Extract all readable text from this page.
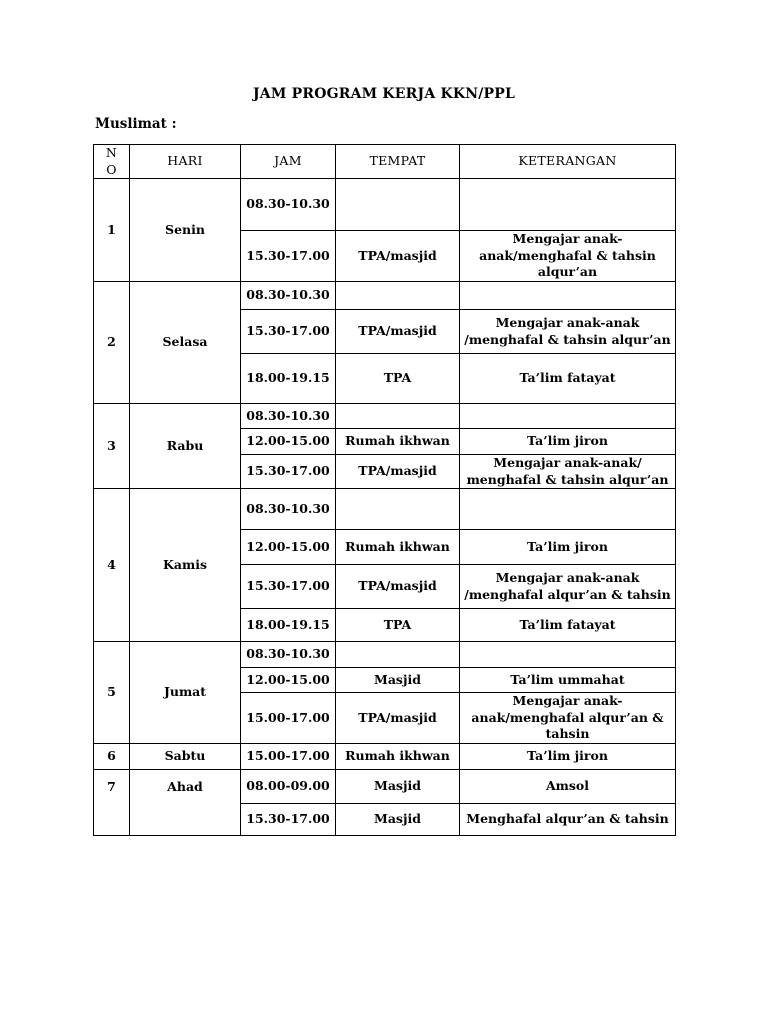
JAM PROGRAM KERJA KKN/PPL
Muslimat :
N
O	HARI	JAM	TEMPAT	KETERANGAN
1	Senin	08.30-10.30		
		15.30-17.00	TPA/masjid	Mengajar anak-
anak/menghafal & tahsin
alqur’an
2	Selasa	08.30-10.30		
		15.30-17.00	TPA/masjid	Mengajar anak-anak
/menghafal & tahsin alqur’an
		18.00-19.15	TPA	Ta’lim fatayat
3	Rabu	08.30-10.30		
		12.00-15.00	Rumah ikhwan	Ta’lim jiron
		15.30-17.00	TPA/masjid	Mengajar anak-anak/
menghafal & tahsin alqur’an
4	Kamis	08.30-10.30		
		12.00-15.00	Rumah ikhwan	Ta’lim jiron
		15.30-17.00	TPA/masjid	Mengajar anak-anak
/menghafal alqur’an & tahsin
		18.00-19.15	TPA	Ta’lim fatayat
5	Jumat	08.30-10.30		
		12.00-15.00	Masjid	Ta’lim ummahat
		15.00-17.00	TPA/masjid	Mengajar anak-
anak/menghafal alqur’an &
tahsin
6	Sabtu	15.00-17.00	Rumah ikhwan	Ta’lim jiron
7	Ahad	08.00-09.00	Masjid	Amsol
		15.30-17.00	Masjid	Menghafal alqur’an & tahsin
